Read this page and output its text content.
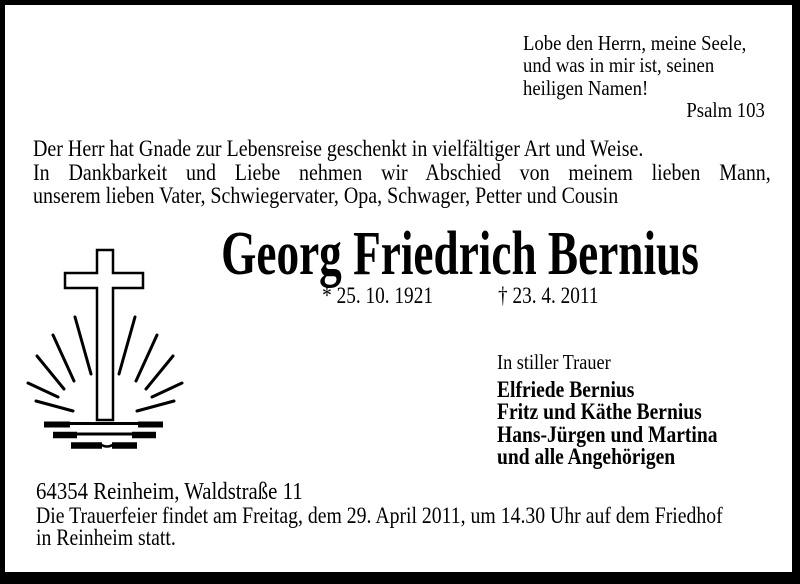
Lobe den Herrn, meine Seele,
und was in mir ist, seinen
heiligen Namen!
Psalm 103
Der Herr hat Gnade zur Lebensreise geschenkt in vielfältiger Art und Weise.
In Dankbarkeit und Liebe nehmen wir Abschied von meinem lieben Mann,
unserem lieben Vater, Schwiegervater, Opa, Schwager, Petter und Cousin
Georg Friedrich Bernius
* 25. 10. 1921	† 23. 4. 2011
In stiller Trauer
Elfriede Bernius
Fritz und Käthe Bernius
Hans-Jürgen und Martina
und alle Angehörigen
64354 Reinheim, Waldstraße 11
Die Trauerfeier findet am Freitag, dem 29. April 2011, um 14.30 Uhr auf dem Friedhof
in Reinheim statt.
